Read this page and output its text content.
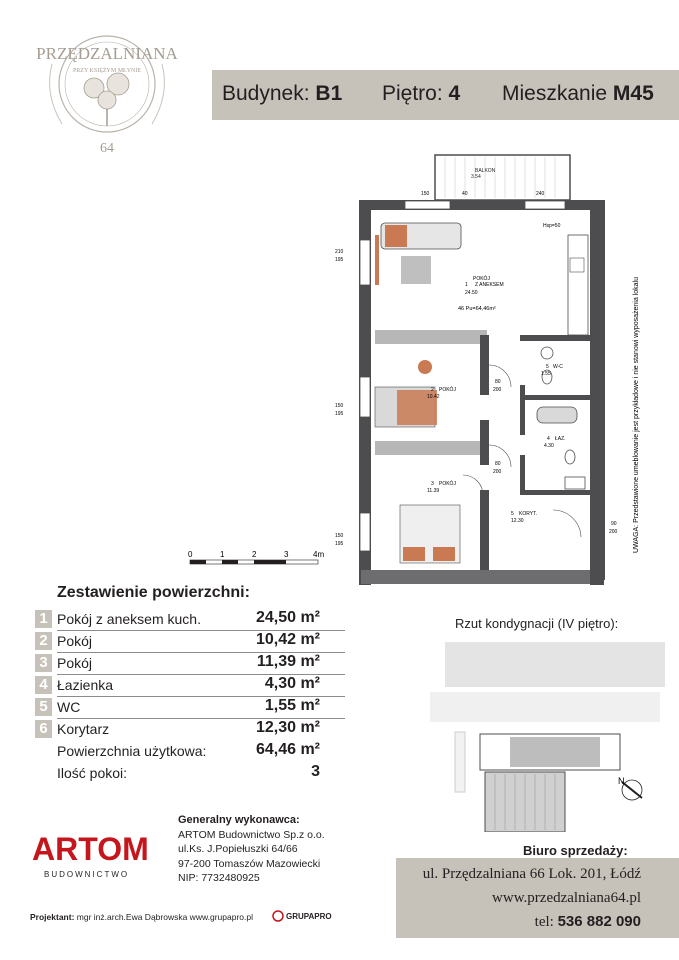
PRZĘDZALNIANA
PRZY KSIĘŻYM MŁYNIE
64
Budynek: B1 Piętro: 4 Mieszkanie M45
BALKON
3.54
POKÓJ
Z ANEKSEM
1
24.50
46 Pu=64,46m²
POKÓJ
2
10.42
POKÓJ
3
11.39
W-C
5
1.55
ŁAZ.
4
4.30
KORYT.
5
12.30
80
200
80
200
90
200
210
195
150
195
150
195
150	40	240
Hsp=50
UWAGA: Przedstawione umeblowanie jest przykładowe i nie stanowi wyposażenia lokalu
0	1	2	3	4m
Zestawienie powierzchni:
1 Pokój z aneksem kuch.	24,50 m²
2 Pokój	10,42 m²
3 Pokój	11,39 m²
4 Łazienka	4,30 m²
5 WC	1,55 m²
6 Korytarz	12,30 m²
Powierzchnia użytkowa:	64,46 m²
Ilość pokoi:	3
Rzut kondygnacji (IV piętro):
N
ARTOM
BUDOWNICTWO
Generalny wykonawca:
ARTOM Budownictwo Sp.z o.o.
ul.Ks. J.Popiełuszki 64/66
97-200 Tomaszów Mazowiecki
NIP: 7732480925
Biuro sprzedaży:
ul. Przędzalniana 66 Lok. 201, Łódź
www.przedzalniana64.pl
tel: 536 882 090
Projektant: mgr inż.arch.Ewa Dąbrowska www.grupapro.pl	GRUPAPRO
